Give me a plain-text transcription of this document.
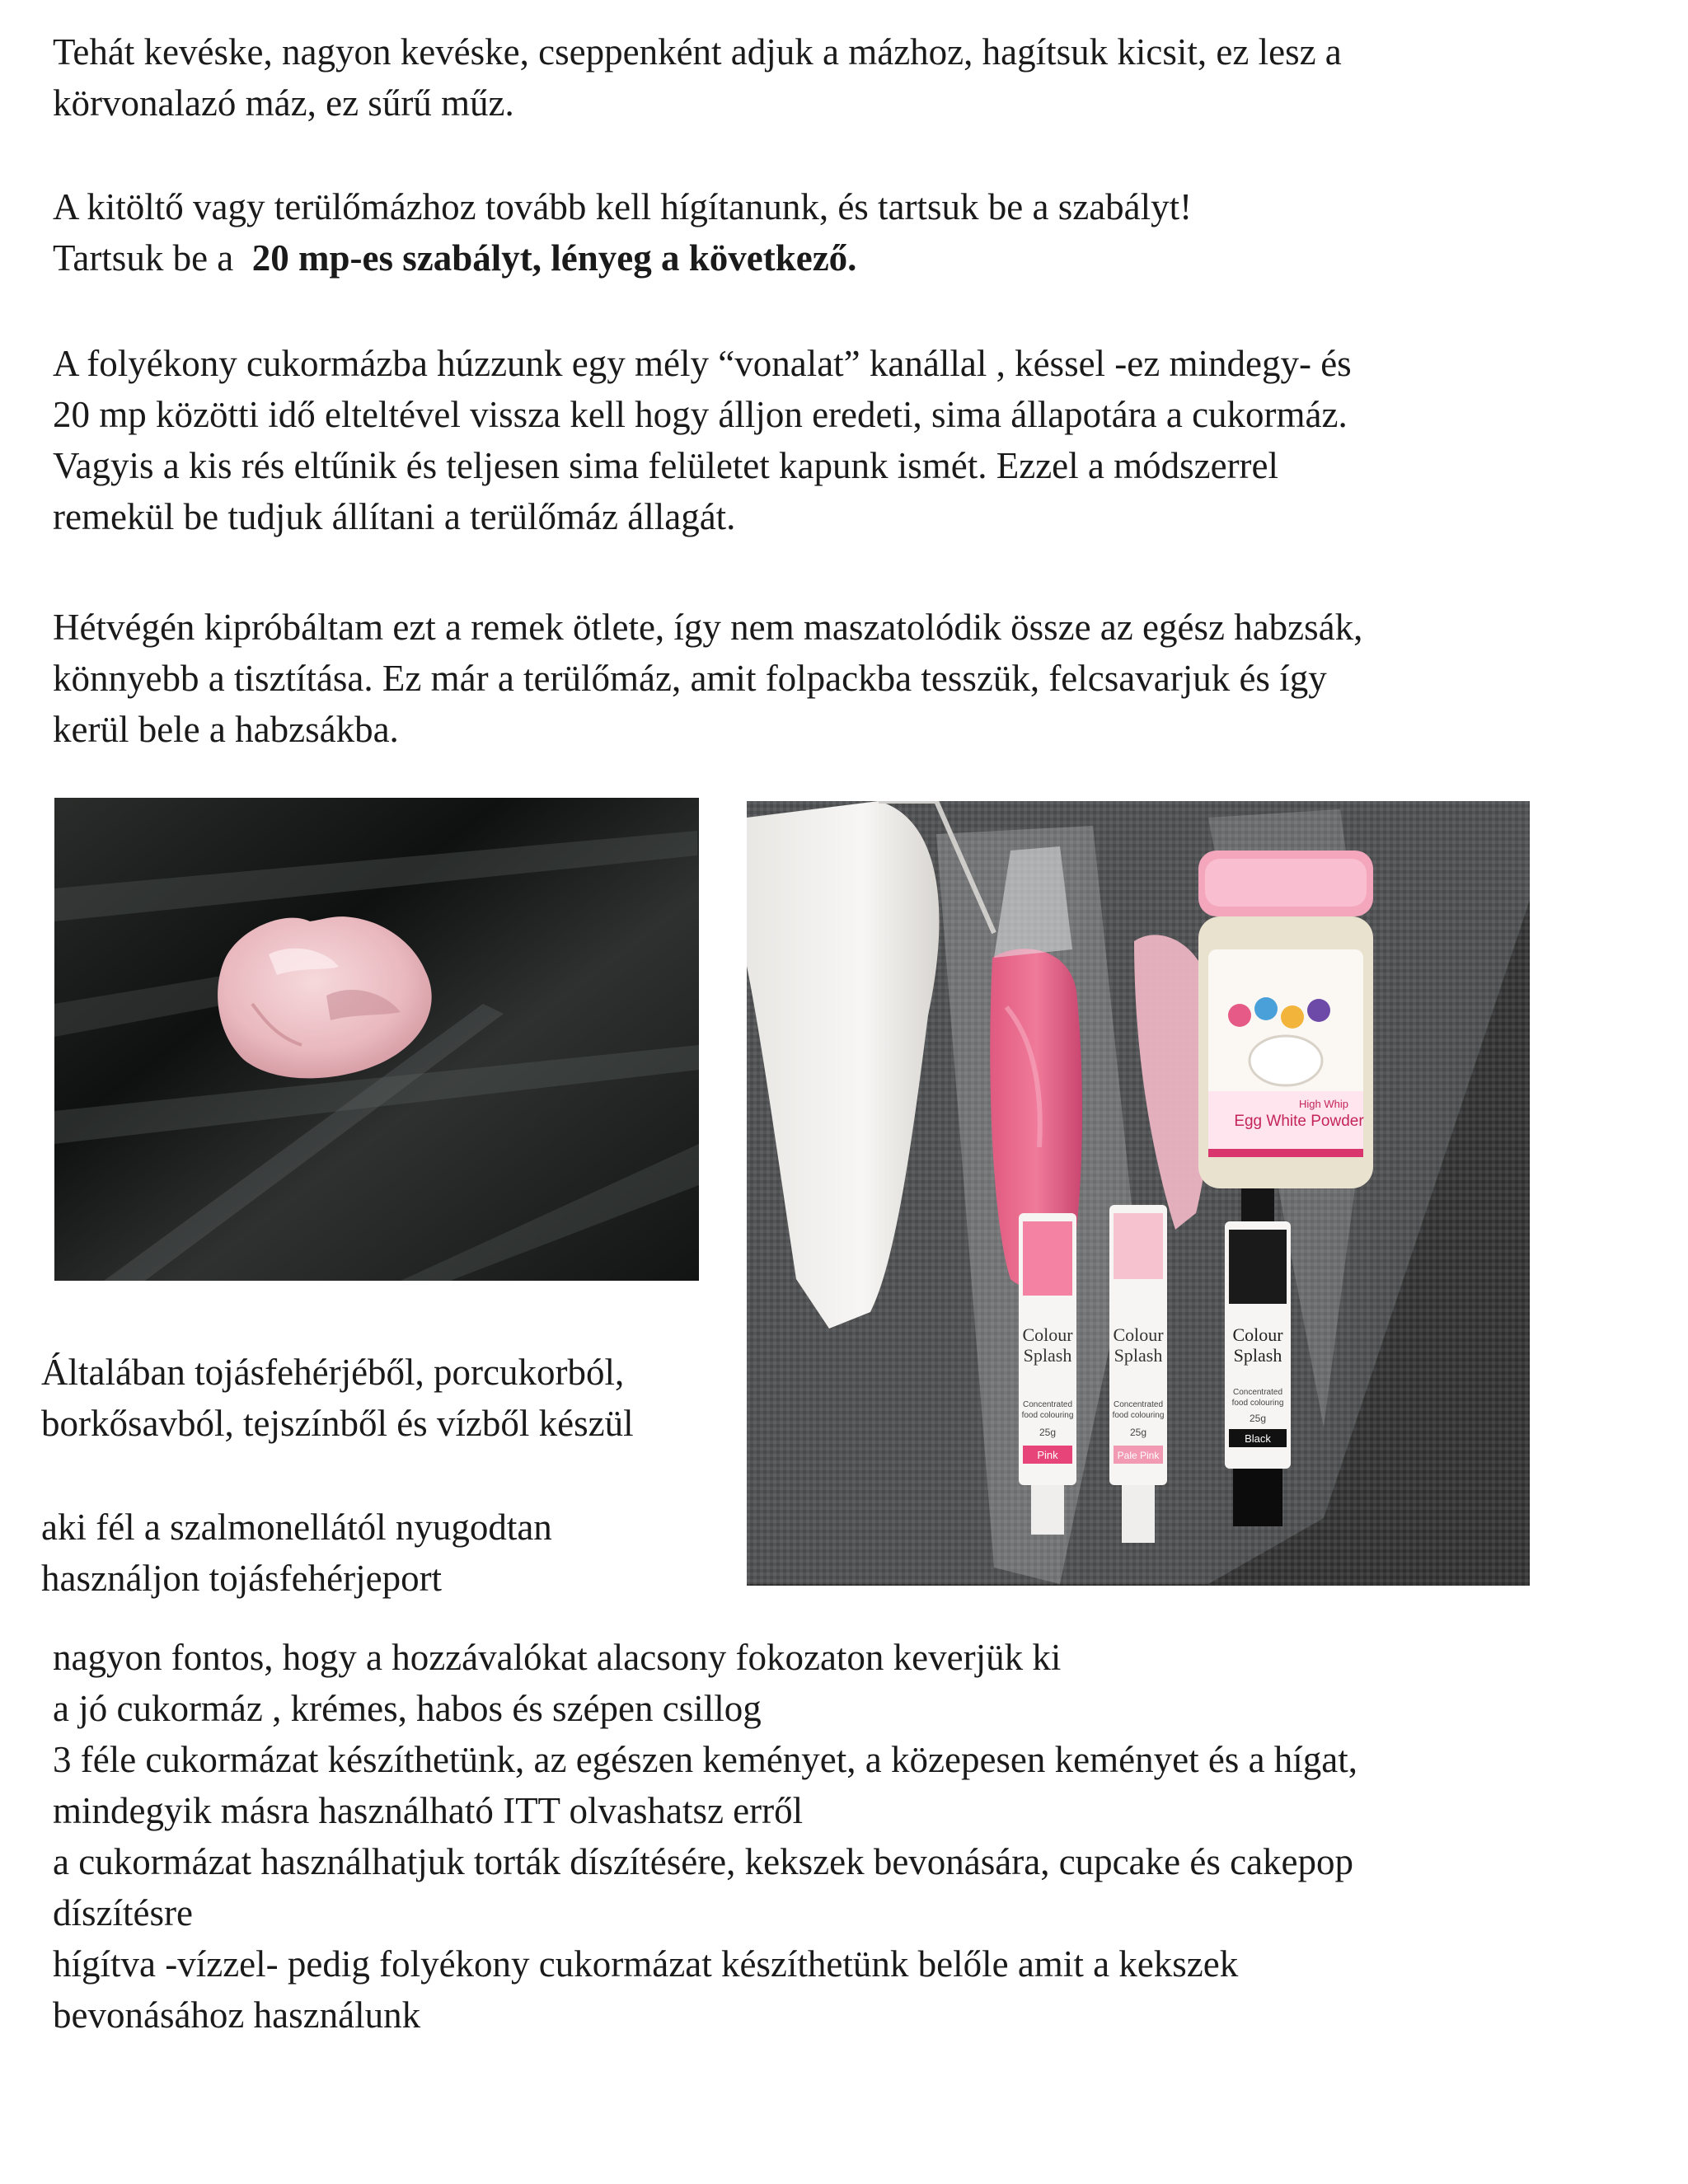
Tehát kevéske, nagyon kevéske, cseppenként adjuk a mázhoz, hagítsuk kicsit, ez lesz a

körvonalazó máz, ez sűrű műz.

A kitöltő vagy terülőmázhoz tovább kell hígítanunk, és tartsuk be a szabályt!

Tartsuk be a  20 mp-es szabályt, lényeg a következő.

A folyékony cukormázba húzzunk egy mély “vonalat” kanállal , késsel -ez mindegy- és

20 mp közötti idő elteltével vissza kell hogy álljon eredeti, sima állapotára a cukormáz.

Vagyis a kis rés eltűnik és teljesen sima felületet kapunk ismét. Ezzel a módszerrel

remekül be tudjuk állítani a terülőmáz állagát.

Hétvégén kipróbáltam ezt a remek ötlete, így nem maszatolódik össze az egész habzsák,

könnyebb a tisztítása. Ez már a terülőmáz, amit folpackba tesszük, felcsavarjuk és így

kerül bele a habzsákba.

High Whip
Egg White Powder
Colour
Splash
Concentrated
food colouring
25g
Pink
Colour
Splash
Concentrated
food colouring
25g
Pale Pink
Colour
Splash
Concentrated
food colouring
25g
Black

Általában tojásfehérjéből, porcukorból,

borkősavból, tejszínből és vízből készül

aki fél a szalmonellától nyugodtan

használjon tojásfehérjeport

nagyon fontos, hogy a hozzávalókat alacsony fokozaton keverjük ki

a jó cukormáz , krémes, habos és szépen csillog

3 féle cukormázat készíthetünk, az egészen keményet, a közepesen keményet és a hígat,

mindegyik másra használható ITT olvashatsz erről

a cukormázat használhatjuk torták díszítésére, kekszek bevonására, cupcake és cakepop

díszítésre

hígítva -vízzel- pedig folyékony cukormázat készíthetünk belőle amit a kekszek

bevonásához használunk
